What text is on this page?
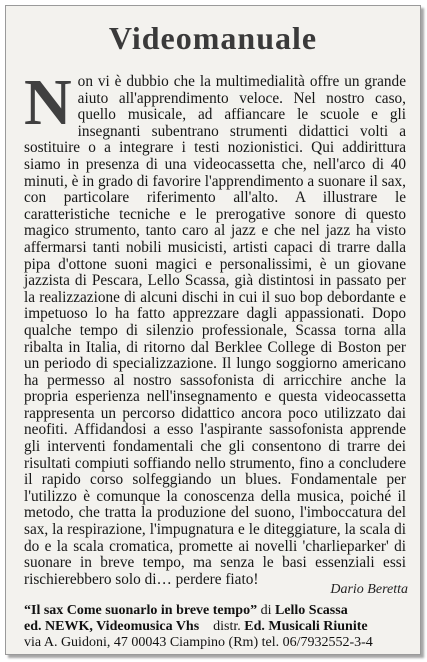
Videomanuale
Non vi è dubbio che la multimedialità offre un grande aiuto all'apprendimento veloce. Nel nostro caso, quello musicale, ad affiancare le scuole e gli insegnanti subentrano strumenti didattici volti a sostituire o a integrare i testi nozionistici. Qui addirittura siamo in presenza di una videocassetta che, nell'arco di 40 minuti, è in grado di favorire l'apprendimento a suonare il sax, con particolare riferimento all'alto. A illustrare le caratteristiche tecniche e le prerogative sonore di questo magico strumento, tanto caro al jazz e che nel jazz ha visto affermarsi tanti nobili musicisti, artisti capaci di trarre dalla pipa d'ottone suoni magici e personalissimi, è un giovane jazzista di Pescara, Lello Scassa, già distintosi in passato per la realizzazione di alcuni dischi in cui il suo bop debordante e impetuoso lo ha fatto apprezzare dagli appassionati. Dopo qualche tempo di silenzio professionale, Scassa torna alla ribalta in Italia, di ritorno dal Berklee College di Boston per un periodo di specializzazione. Il lungo soggiorno americano ha permesso al nostro sassofonista di arricchire anche la propria esperienza nell'insegnamento e questa videocassetta rappresenta un percorso didattico ancora poco utilizzato dai neofiti. Affidandosi a esso l'aspirante sassofonista apprende gli interventi fondamentali che gli consentono di trarre dei risultati compiuti soffiando nello strumento, fino a concludere il rapido corso solfeggiando un blues. Fondamentale per l'utilizzo è comunque la conoscenza della musica, poiché il metodo, che tratta la produzione del suono, l'imboccatura del sax, la respirazione, l'impugnatura e le diteggiature, la scala di do e la scala cromatica, promette ai novelli 'charlieparker' di suonare in breve tempo, ma senza le basi essenziali essi rischierebbero solo di… perdere fiato!
Dario Beretta
“Il sax Come suonarlo in breve tempo” di Lello Scassa
ed. NEWK, Videomusica Vhs distr. Ed. Musicali Riunite
via A. Guidoni, 47 00043 Ciampino (Rm) tel. 06/7932552-3-4
